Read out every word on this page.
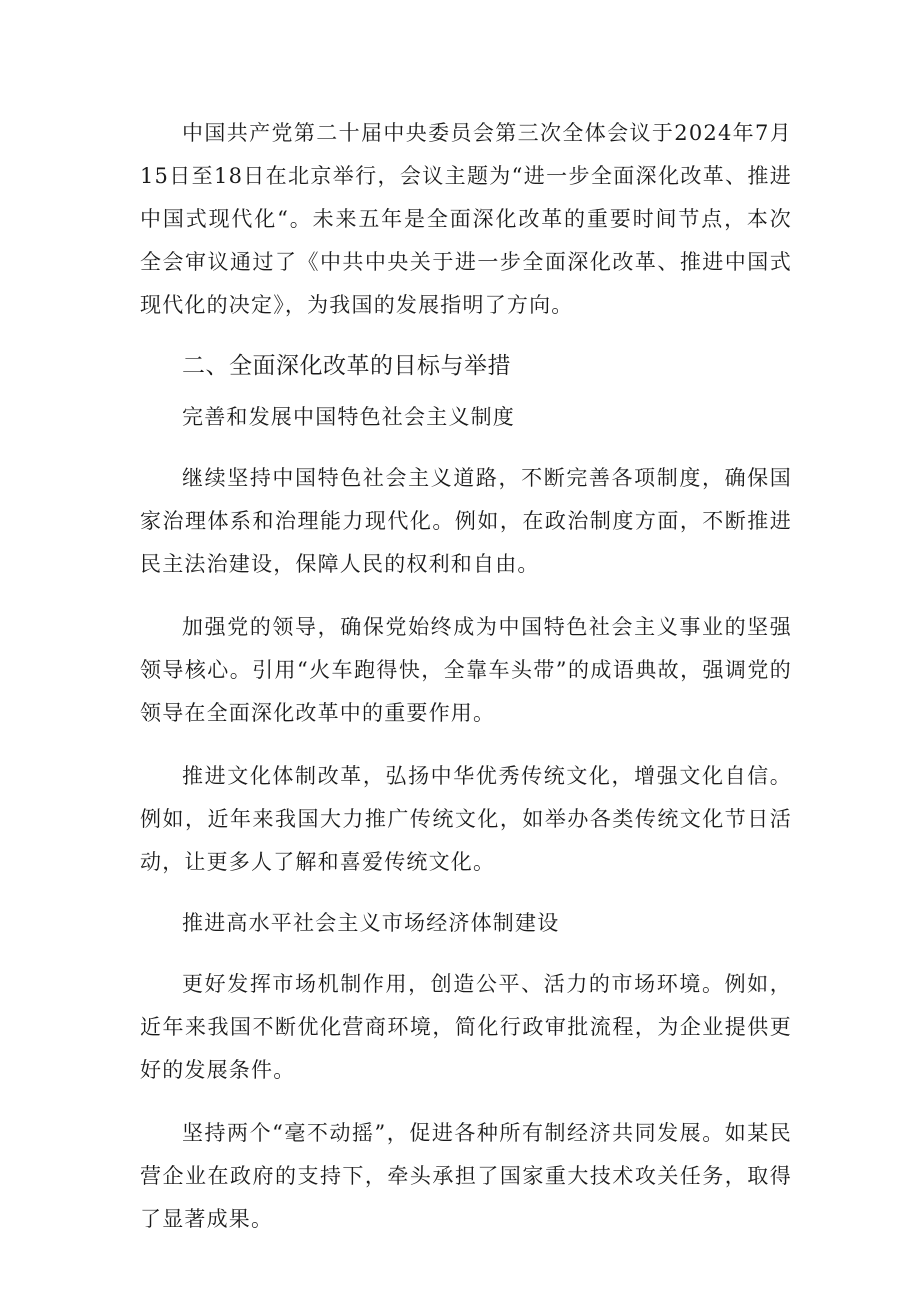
中国共产党第二十届中央委员会第三次全体会议于2024年7月15日至18日在北京举行，会议主题为“进一步全面深化改革、推进中国式现代化“。未来五年是全面深化改革的重要时间节点，本次全会审议通过了《中共中央关于进一步全面深化改革、推进中国式现代化的决定》，为我国的发展指明了方向。

二、全面深化改革的目标与举措

完善和发展中国特色社会主义制度

继续坚持中国特色社会主义道路，不断完善各项制度，确保国家治理体系和治理能力现代化。例如，在政治制度方面，不断推进民主法治建设，保障人民的权利和自由。

加强党的领导，确保党始终成为中国特色社会主义事业的坚强领导核心。引用“火车跑得快，全靠车头带”的成语典故，强调党的领导在全面深化改革中的重要作用。

推进文化体制改革，弘扬中华优秀传统文化，增强文化自信。例如，近年来我国大力推广传统文化，如举办各类传统文化节日活动，让更多人了解和喜爱传统文化。

推进高水平社会主义市场经济体制建设

更好发挥市场机制作用，创造公平、活力的市场环境。例如，近年来我国不断优化营商环境，简化行政审批流程，为企业提供更好的发展条件。

坚持两个“毫不动摇”，促进各种所有制经济共同发展。如某民营企业在政府的支持下，牵头承担了国家重大技术攻关任务，取得了显著成果。
